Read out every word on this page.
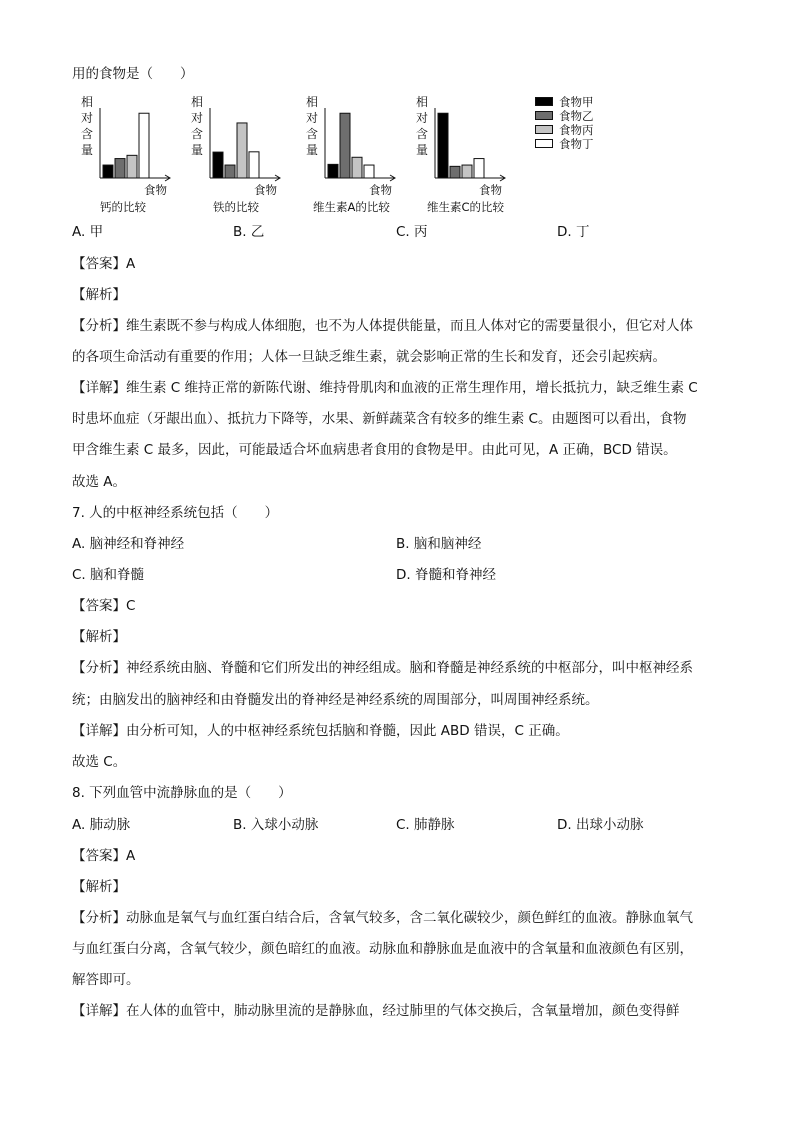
用的食物是（　　）
相
对
含
量
食物
钙的比较
相
对
含
量
食物
铁的比较
相
对
含
量
食物
维生素A的比较
相
对
含
量
食物
维生素C的比较
食物甲
食物乙
食物丙
食物丁
A. 甲	B. 乙	C. 丙	D. 丁
【答案】A
【解析】
【分析】维生素既不参与构成人体细胞，也不为人体提供能量，而且人体对它的需要量很小，但它对人体
的各项生命活动有重要的作用；人体一旦缺乏维生素，就会影响正常的生长和发育，还会引起疾病。
【详解】维生素 C 维持正常的新陈代谢、维持骨肌肉和血液的正常生理作用，增长抵抗力，缺乏维生素 C
时患坏血症（牙龈出血）、抵抗力下降等，水果、新鲜蔬菜含有较多的维生素 C。由题图可以看出，食物
甲含维生素 C 最多，因此，可能最适合坏血病患者食用的食物是甲。由此可见，A 正确，BCD 错误。
故选 A。
7. 人的中枢神经系统包括（　　）
A. 脑神经和脊神经	B. 脑和脑神经
C. 脑和脊髓	D. 脊髓和脊神经
【答案】C
【解析】
【分析】神经系统由脑、脊髓和它们所发出的神经组成。脑和脊髓是神经系统的中枢部分，叫中枢神经系
统；由脑发出的脑神经和由脊髓发出的脊神经是神经系统的周围部分，叫周围神经系统。
【详解】由分析可知，人的中枢神经系统包括脑和脊髓，因此 ABD 错误，C 正确。
故选 C。
8. 下列血管中流静脉血的是（　　）
A. 肺动脉	B. 入球小动脉	C. 肺静脉	D. 出球小动脉
【答案】A
【解析】
【分析】动脉血是氧气与血红蛋白结合后，含氧气较多，含二氧化碳较少，颜色鲜红的血液。静脉血氧气
与血红蛋白分离，含氧气较少，颜色暗红的血液。动脉血和静脉血是血液中的含氧量和血液颜色有区别，
解答即可。
【详解】在人体的血管中，肺动脉里流的是静脉血，经过肺里的气体交换后，含氧量增加，颜色变得鲜
